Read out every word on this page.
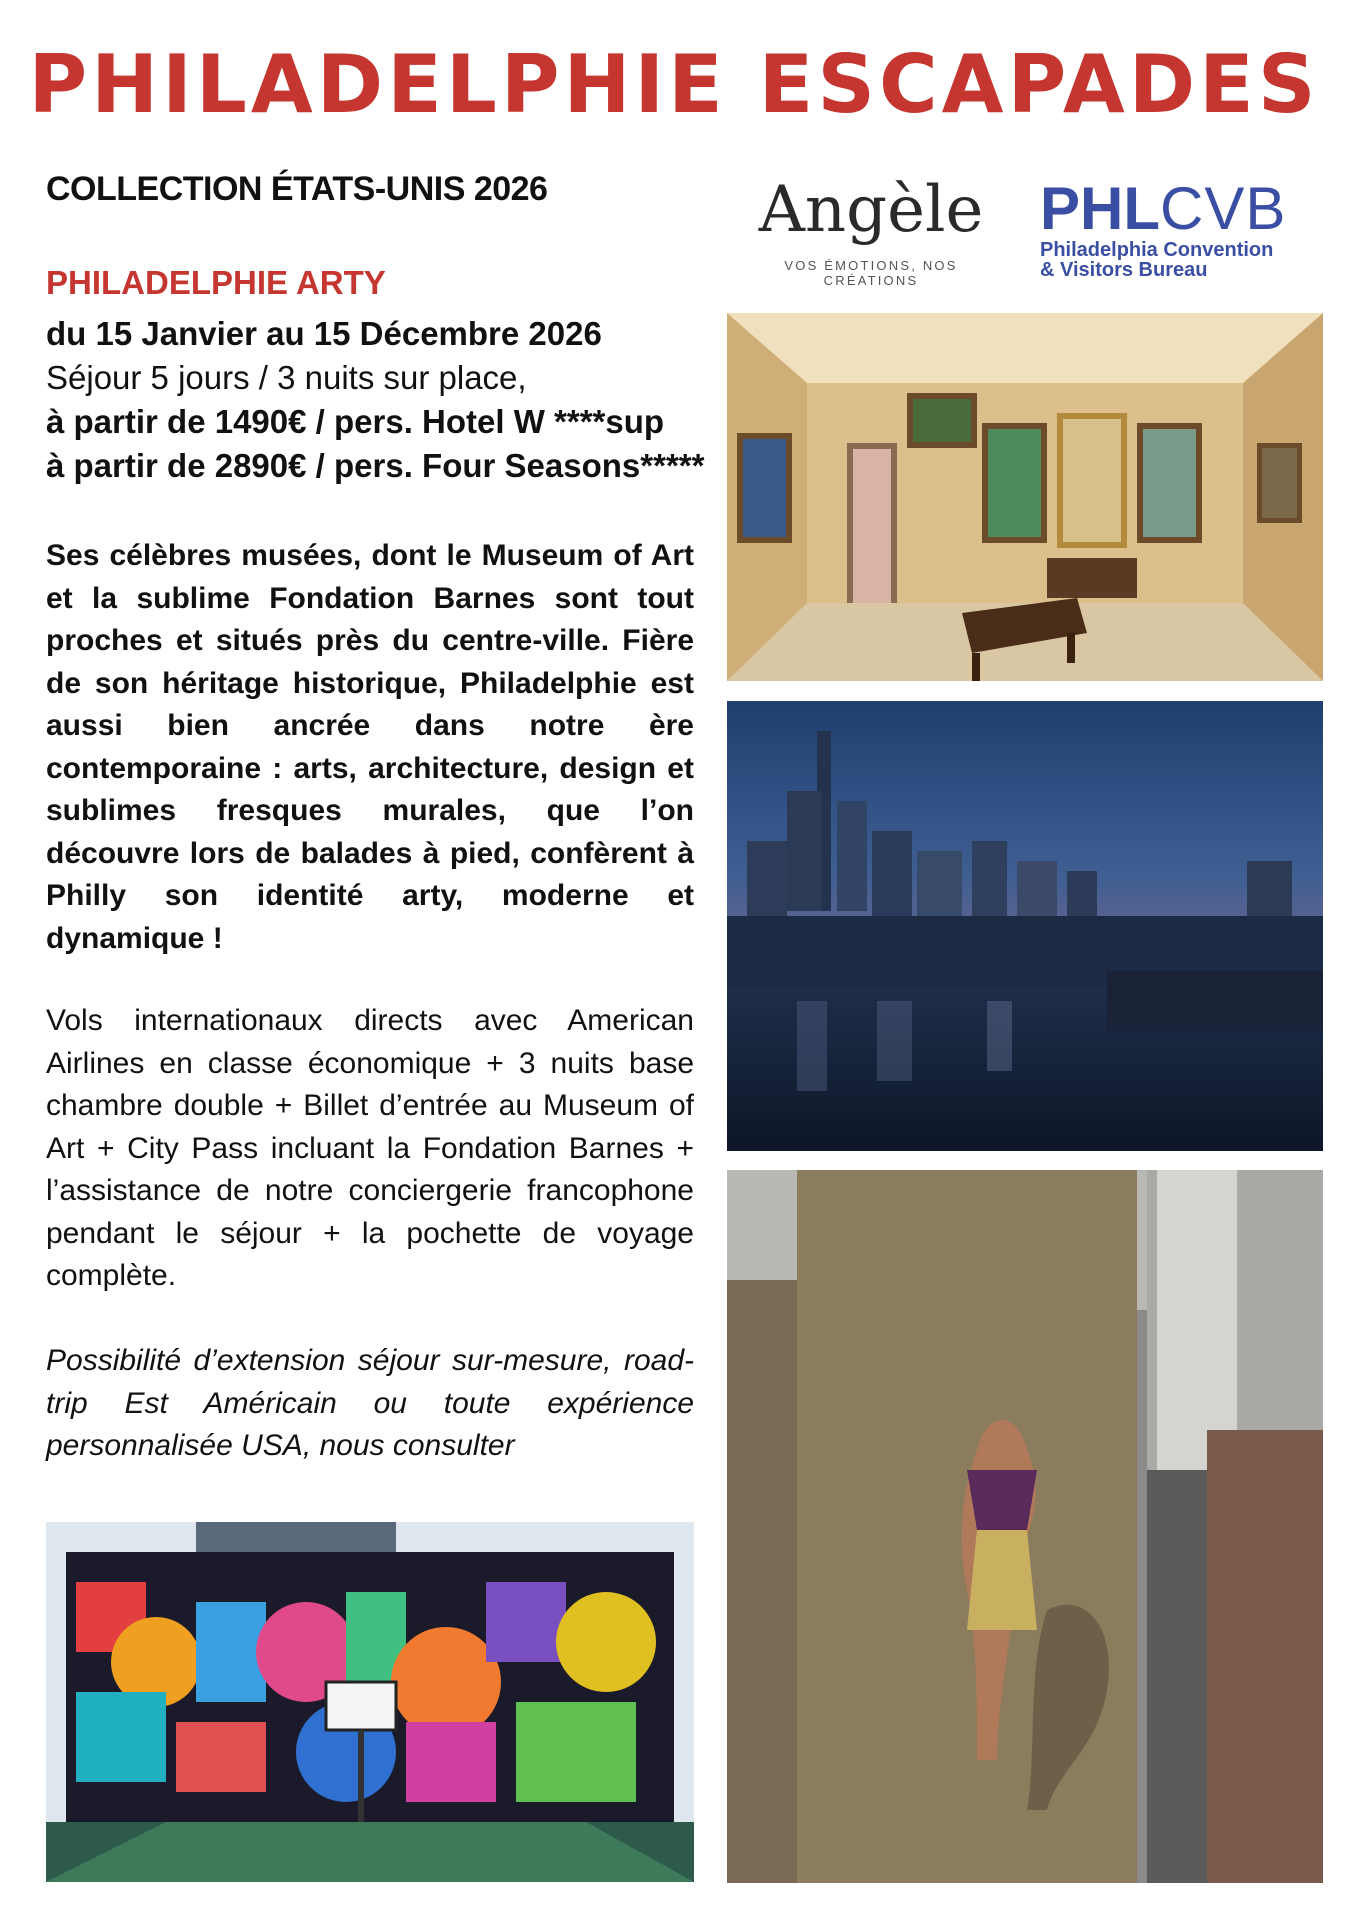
PHILADELPHIE ESCAPADES
COLLECTION ÉTATS-UNIS 2026	Angèle
VOS ÉMOTIONS, NOS CRÉATIONS
PHLCVB
Philadelphia Convention
& Visitors Bureau
PHILADELPHIE ARTY
du 15 Janvier au 15 Décembre 2026
Séjour 5 jours / 3 nuits sur place,
à partir de 1490€ / pers. Hotel W ****sup
à partir de 2890€ / pers. Four Seasons*****

Ses célèbres musées, dont le Museum of Art et la sublime Fondation Barnes sont tout proches et situés près du centre-ville. Fière de son héritage historique, Philadelphie est aussi bien ancrée dans notre ère contemporaine : arts, architecture, design et sublimes fresques murales, que l’on découvre lors de balades à pied, confèrent à Philly son identité arty, moderne et dynamique !

Vols internationaux directs avec American Airlines en classe économique + 3 nuits base chambre double + Billet d’entrée au Museum of Art + City Pass incluant la Fondation Barnes + l’assistance de notre conciergerie francophone pendant le séjour + la pochette de voyage complète.

Possibilité d’extension séjour sur-mesure, road-trip Est Américain ou toute expérience personnalisée USA, nous consulter
